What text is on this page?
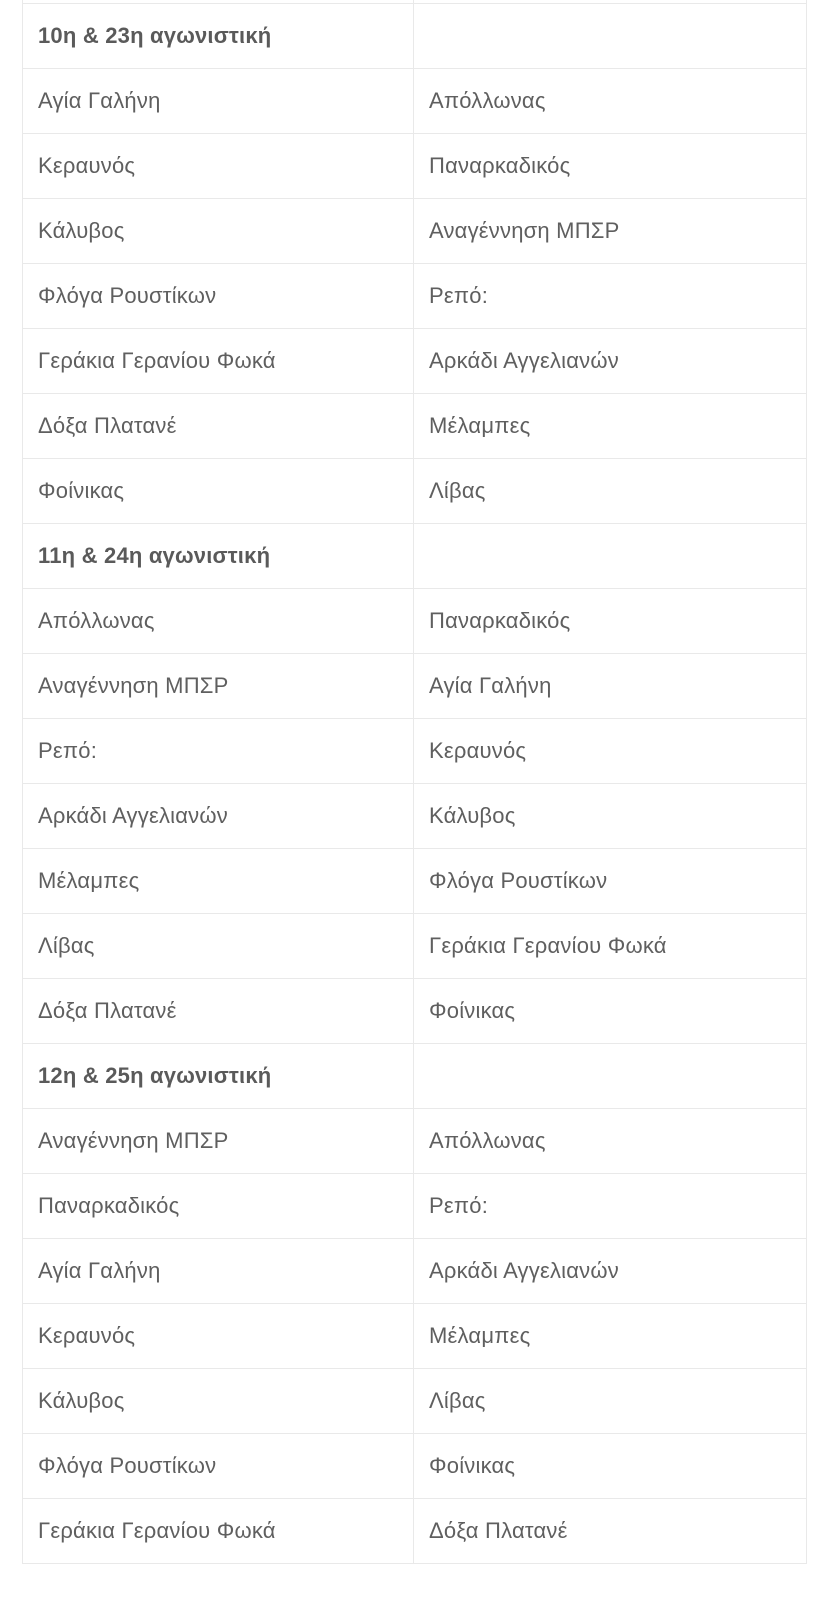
10η & 23η αγωνιστική	
Αγία Γαλήνη	Απόλλωνας
Κεραυνός	Παναρκαδικός
Κάλυβος	Αναγέννηση ΜΠΣΡ
Φλόγα Ρουστίκων	Ρεπό:
Γεράκια Γερανίου Φωκά	Αρκάδι Αγγελιανών
Δόξα Πλατανέ	Μέλαμπες
Φοίνικας	Λίβας
11η & 24η αγωνιστική	
Απόλλωνας	Παναρκαδικός
Αναγέννηση ΜΠΣΡ	Αγία Γαλήνη
Ρεπό:	Κεραυνός
Αρκάδι Αγγελιανών	Κάλυβος
Μέλαμπες	Φλόγα Ρουστίκων
Λίβας	Γεράκια Γερανίου Φωκά
Δόξα Πλατανέ	Φοίνικας
12η & 25η αγωνιστική	
Αναγέννηση ΜΠΣΡ	Απόλλωνας
Παναρκαδικός	Ρεπό:
Αγία Γαλήνη	Αρκάδι Αγγελιανών
Κεραυνός	Μέλαμπες
Κάλυβος	Λίβας
Φλόγα Ρουστίκων	Φοίνικας
Γεράκια Γερανίου Φωκά	Δόξα Πλατανέ
